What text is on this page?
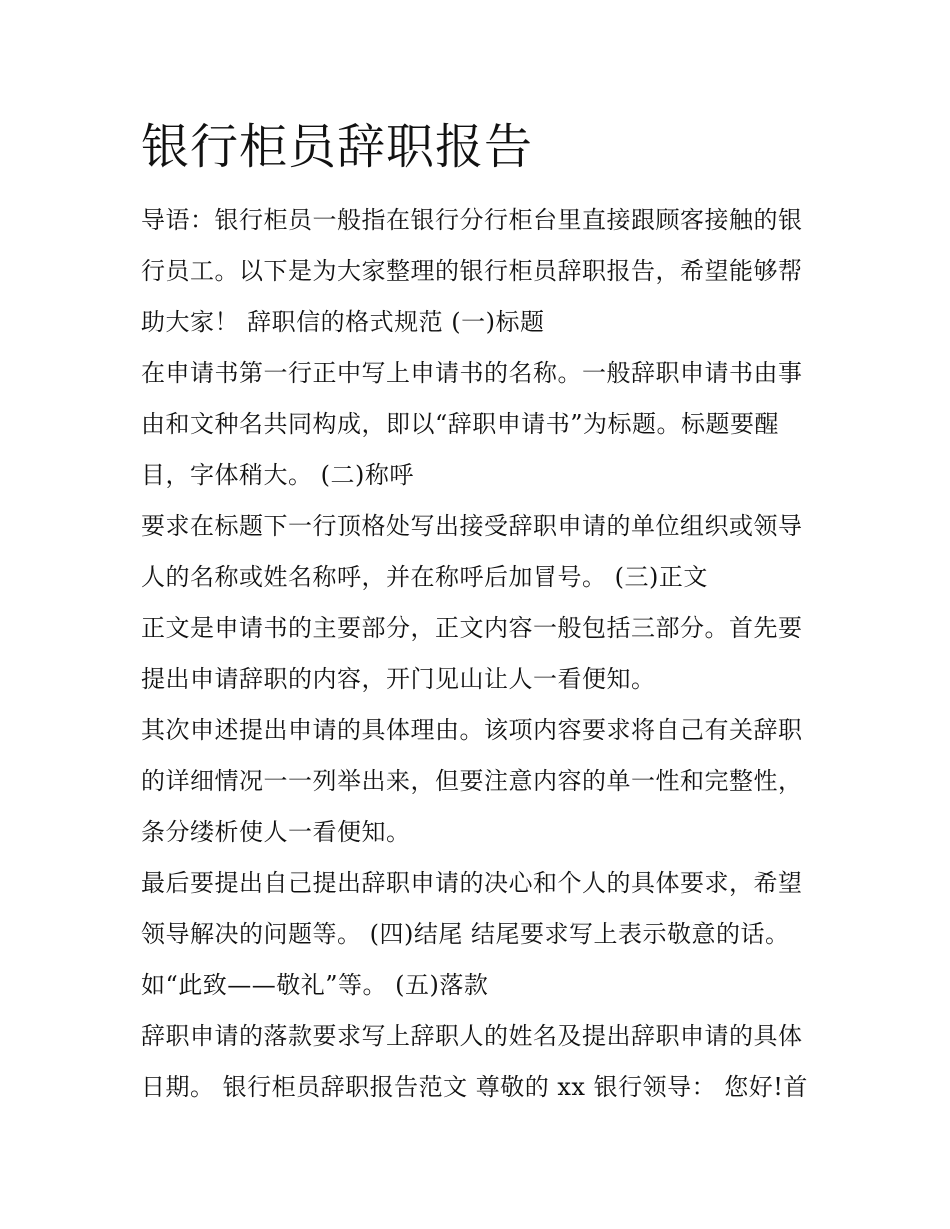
银行柜员辞职报告
导语：银行柜员一般指在银行分行柜台里直接跟顾客接触的银
行员工。以下是为大家整理的银行柜员辞职报告，希望能够帮
助大家！ 辞职信的格式规范 (一)标题
在申请书第一行正中写上申请书的名称。一般辞职申请书由事
由和文种名共同构成，即以“辞职申请书”为标题。标题要醒
目，字体稍大。 (二)称呼
要求在标题下一行顶格处写出接受辞职申请的单位组织或领导
人的名称或姓名称呼，并在称呼后加冒号。 (三)正文
正文是申请书的主要部分，正文内容一般包括三部分。首先要
提出申请辞职的内容，开门见山让人一看便知。
其次申述提出申请的具体理由。该项内容要求将自己有关辞职
的详细情况一一列举出来，但要注意内容的单一性和完整性，
条分缕析使人一看便知。
最后要提出自己提出辞职申请的决心和个人的具体要求，希望
领导解决的问题等。 (四)结尾 结尾要求写上表示敬意的话。
如“此致——敬礼”等。 (五)落款
辞职申请的落款要求写上辞职人的姓名及提出辞职申请的具体
日期。 银行柜员辞职报告范文 尊敬的 xx 银行领导： 您好!首
